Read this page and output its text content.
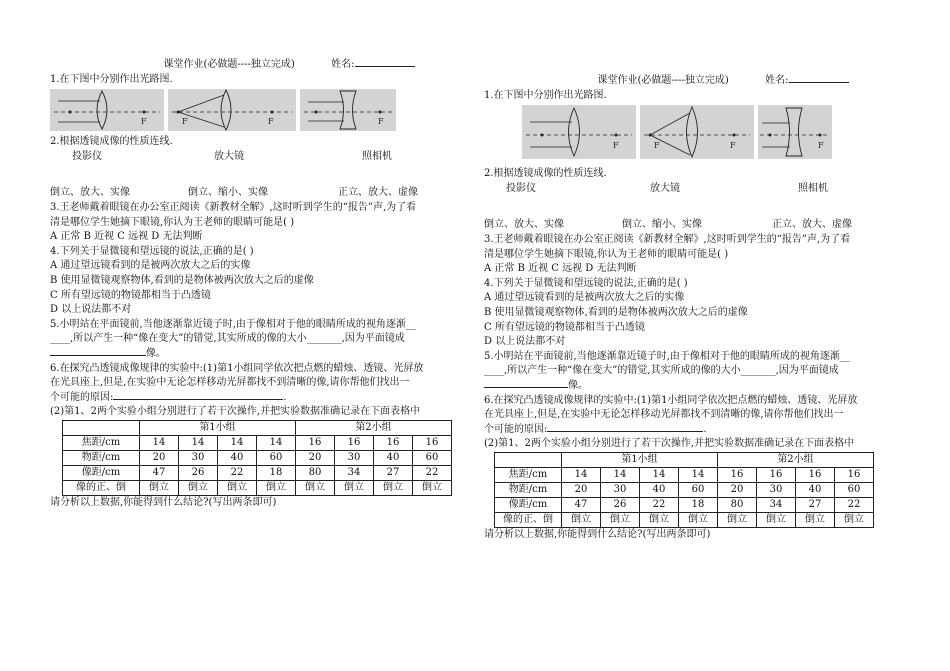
课堂作业(必做题----独立完成)	姓名:
1.在下图中分别作出光路图.
F	F	F	F
2.根据透镜成像的性质连线.
投影仪	放大镜	照相机
倒立、放大、实像	倒立、缩小、实像	正立、放大、虚像
3.王老师戴着眼镜在办公室正阅读《新教材全解》,这时听到学生的“报告”声,为了看
清是哪位学生她摘下眼镜,你认为王老师的眼睛可能是( )
A 正常 B 近视 C 远视 D 无法判断
4.下列关于显微镜和望远镜的说法,正确的是( )
A 通过望远镜看到的是被两次放大之后的实像
B 使用显微镜观察物体,看到的是物体被两次放大之后的虚像
C 所有望远镜的物镜都相当于凸透镜
D 以上说法都不对
5.小明站在平面镜前,当他逐渐靠近镜子时,由于像相对于他的眼睛所成的视角逐渐__
____,所以产生一种“像在变大”的错觉,其实所成的像的大小_______,因为平面镜成
像。
6.在探究凸透镜成像规律的实验中:(1)第1小组同学依次把点燃的蜡烛、透镜、光屏放
在光具座上,但是,在实验中无论怎样移动光屏都找不到清晰的像,请你帮他们找出一
个可能的原因:	.
(2)第1、2两个实验小组分别进行了若干次操作,并把实验数据准确记录在下面表格中
	第1小组				第2小组			
焦距/cm	14	14	14	14	16	16	16	16
物距/cm	20	30	40	60	20	30	40	60
像距/cm	47	26	22	18	80	34	27	22
像的正、倒	倒立	倒立	倒立	倒立	倒立	倒立	倒立	倒立
请分析以上数据,你能得到什么结论?(写出两条即可)
课堂作业(必做题----独立完成)	姓名:
1.在下图中分别作出光路图.
F	F	F	F
2.根据透镜成像的性质连线.
投影仪	放大镜	照相机
倒立、放大、实像	倒立、缩小、实像	正立、放大、虚像
3.王老师戴着眼镜在办公室正阅读《新教材全解》,这时听到学生的“报告”声,为了看
清是哪位学生她摘下眼镜,你认为王老师的眼睛可能是( )
A 正常 B 近视 C 远视 D 无法判断
4.下列关于显微镜和望远镜的说法,正确的是( )
A 通过望远镜看到的是被两次放大之后的实像
B 使用显微镜观察物体,看到的是物体被两次放大之后的虚像
C 所有望远镜的物镜都相当于凸透镜
D 以上说法都不对
5.小明站在平面镜前,当他逐渐靠近镜子时,由于像相对于他的眼睛所成的视角逐渐__
____,所以产生一种“像在变大”的错觉,其实所成的像的大小_______,因为平面镜成
像。
6.在探究凸透镜成像规律的实验中:(1)第1小组同学依次把点燃的蜡烛、透镜、光屏放
在光具座上,但是,在实验中无论怎样移动光屏都找不到清晰的像,请你帮他们找出一
个可能的原因:	.
(2)第1、2两个实验小组分别进行了若干次操作,并把实验数据准确记录在下面表格中
	第1小组				第2小组			
焦距/cm	14	14	14	14	16	16	16	16
物距/cm	20	30	40	60	20	30	40	60
像距/cm	47	26	22	18	80	34	27	22
像的正、倒	倒立	倒立	倒立	倒立	倒立	倒立	倒立	倒立
请分析以上数据,你能得到什么结论?(写出两条即可)
